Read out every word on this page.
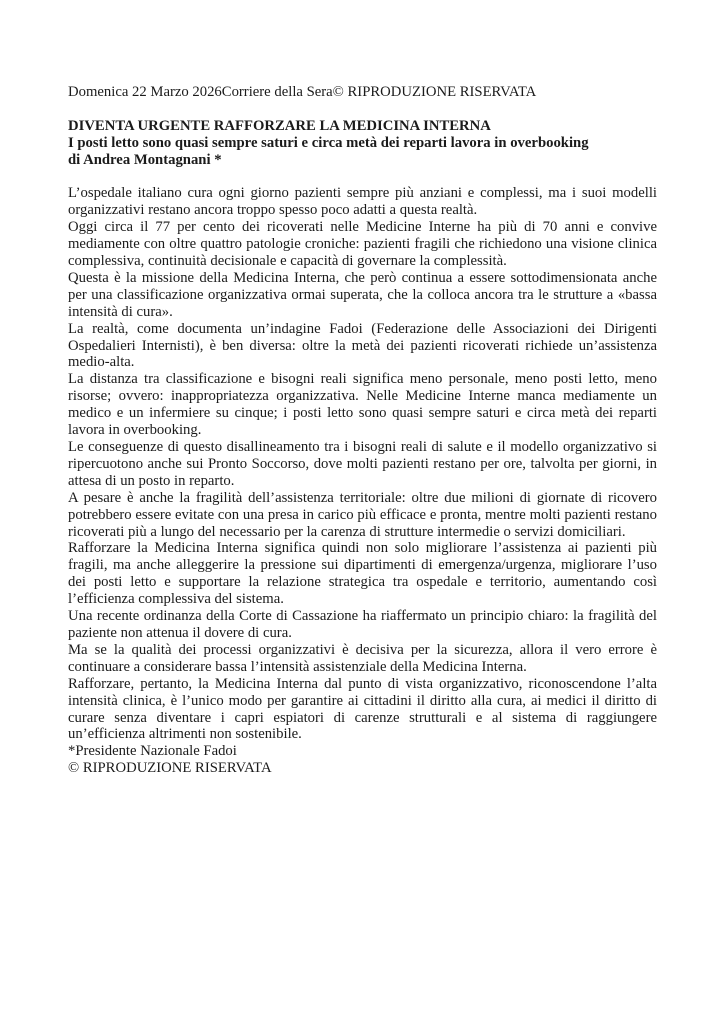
Domenica 22 Marzo 2026Corriere della Sera© RIPRODUZIONE RISERVATA

DIVENTA URGENTE RAFFORZARE LA MEDICINA INTERNA
I posti letto sono quasi sempre saturi e circa metà dei reparti lavora in overbooking
di Andrea Montagnani *

L’ospedale italiano cura ogni giorno pazienti sempre più anziani e complessi, ma i suoi modelli organizzativi restano ancora troppo spesso poco adatti a questa realtà.

Oggi circa il 77 per cento dei ricoverati nelle Medicine Interne ha più di 70 anni e convive mediamente con oltre quattro patologie croniche: pazienti fragili che richiedono una visione clinica complessiva, continuità decisionale e capacità di governare la complessità.

Questa è la missione della Medicina Interna, che però continua a essere sottodimensionata anche per una classificazione organizzativa ormai superata, che la colloca ancora tra le strutture a «bassa intensità di cura».

La realtà, come documenta un’indagine Fadoi (Federazione delle Associazioni dei Dirigenti Ospedalieri Internisti), è ben diversa: oltre la metà dei pazienti ricoverati richiede un’assistenza medio-alta.

La distanza tra classificazione e bisogni reali significa meno personale, meno posti letto, meno risorse; ovvero: inappropriatezza organizzativa. Nelle Medicine Interne manca mediamente un medico e un infermiere su cinque; i posti letto sono quasi sempre saturi e circa metà dei reparti lavora in overbooking.

Le conseguenze di questo disallineamento tra i bisogni reali di salute e il modello organizzativo si ripercuotono anche sui Pronto Soccorso, dove molti pazienti restano per ore, talvolta per giorni, in attesa di un posto in reparto.

A pesare è anche la fragilità dell’assistenza territoriale: oltre due milioni di giornate di ricovero potrebbero essere evitate con una presa in carico più efficace e pronta, mentre molti pazienti restano ricoverati più a lungo del necessario per la carenza di strutture intermedie o servizi domiciliari.

Rafforzare la Medicina Interna significa quindi non solo migliorare l’assistenza ai pazienti più fragili, ma anche alleggerire la pressione sui dipartimenti di emergenza/urgenza, migliorare l’uso dei posti letto e supportare la relazione strategica tra ospedale e territorio, aumentando così l’efficienza complessiva del sistema.

Una recente ordinanza della Corte di Cassazione ha riaffermato un principio chiaro: la fragilità del paziente non attenua il dovere di cura.

Ma se la qualità dei processi organizzativi è decisiva per la sicurezza, allora il vero errore è continuare a considerare bassa l’intensità assistenziale della Medicina Interna.

Rafforzare, pertanto, la Medicina Interna dal punto di vista organizzativo, riconoscendone l’alta intensità clinica, è l’unico modo per garantire ai cittadini il diritto alla cura, ai medici il diritto di curare senza diventare i capri espiatori di carenze strutturali e al sistema di raggiungere un’efficienza altrimenti non sostenibile.

*Presidente Nazionale Fadoi

© RIPRODUZIONE RISERVATA
